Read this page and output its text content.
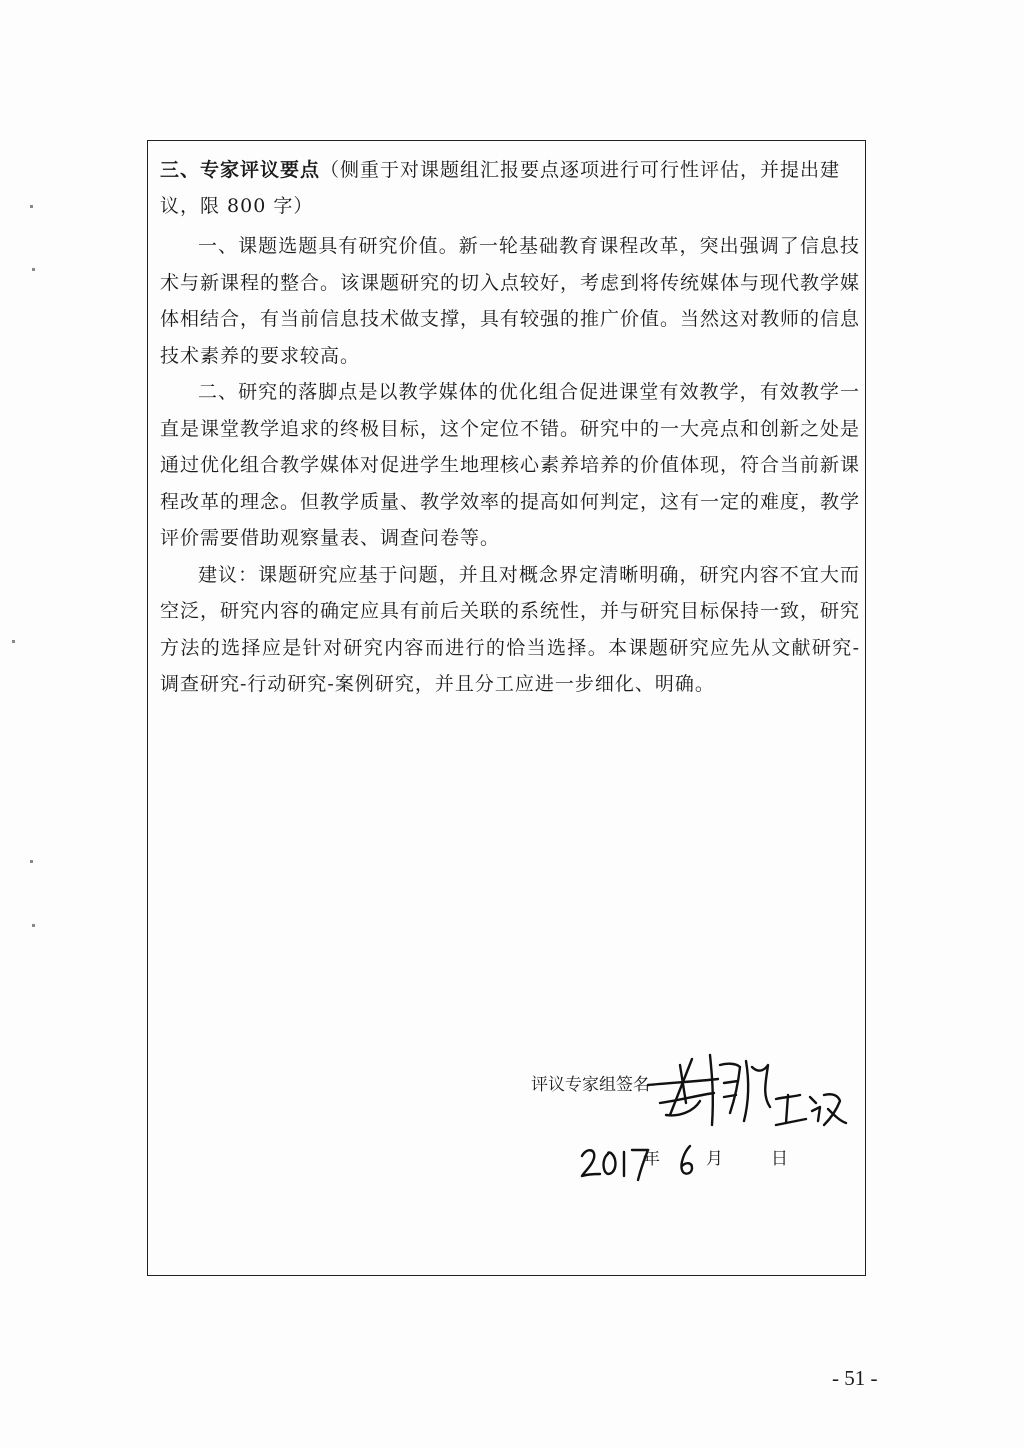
三、专家评议要点（侧重于对课题组汇报要点逐项进行可行性评估，并提出建议，限 800 字）

一、课题选题具有研究价值。新一轮基础教育课程改革，突出强调了信息技术与新课程的整合。该课题研究的切入点较好，考虑到将传统媒体与现代教学媒体相结合，有当前信息技术做支撑，具有较强的推广价值。当然这对教师的信息技术素养的要求较高。

二、研究的落脚点是以教学媒体的优化组合促进课堂有效教学，有效教学一直是课堂教学追求的终极目标，这个定位不错。研究中的一大亮点和创新之处是通过优化组合教学媒体对促进学生地理核心素养培养的价值体现，符合当前新课程改革的理念。但教学质量、教学效率的提高如何判定，这有一定的难度，教学评价需要借助观察量表、调查问卷等。

建议：课题研究应基于问题，并且对概念界定清晰明确，研究内容不宜大而空泛，研究内容的确定应具有前后关联的系统性，并与研究目标保持一致，研究方法的选择应是针对研究内容而进行的恰当选择。本课题研究应先从文献研究-调查研究-行动研究-案例研究，并且分工应进一步细化、明确。

评议专家组签名
年	月	日
- 51 -
